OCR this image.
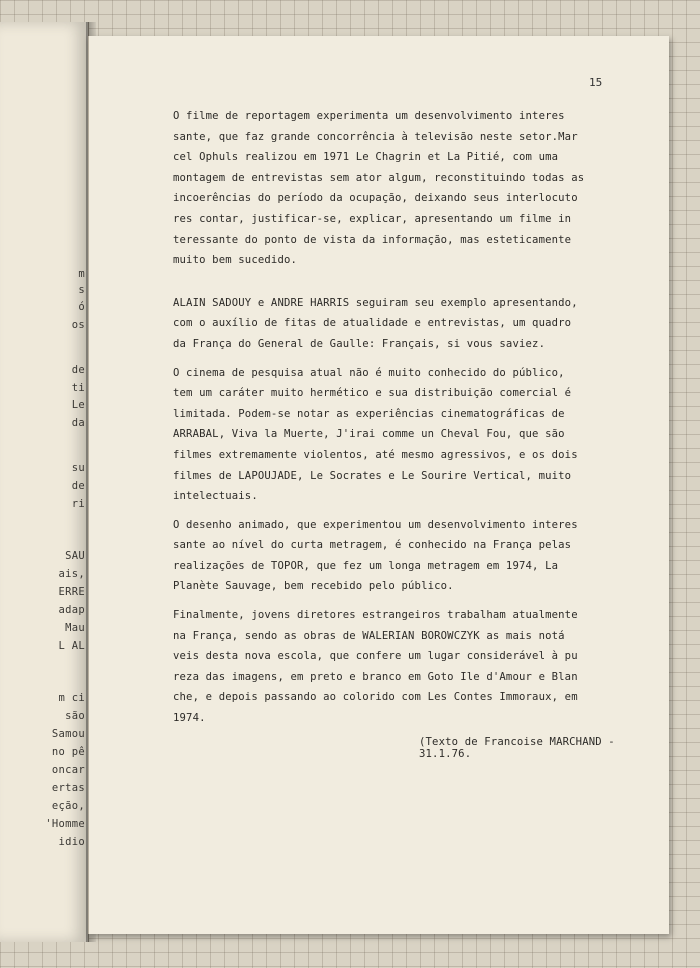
m
s
ó
os
de
ti
Le
da
su
de
ri
SAU
ais,
ERRE
adap
Mau
L AL
m ci
são
Samou
no pê
oncar
ertas
eção,
'Homme
idio
15
O filme de reportagem experimenta um desenvolvimento interes
sante, que faz grande concorrência à televisão neste setor.Mar
cel Ophuls realizou em 1971 Le Chagrin et La Pitié, com uma
montagem de entrevistas sem ator algum, reconstituindo todas as
incoerências do período da ocupação, deixando seus interlocuto
res contar, justificar-se, explicar, apresentando um filme in
teressante do ponto de vista da informação, mas esteticamente
muito bem sucedido.
ALAIN SADOUY e ANDRE HARRIS seguiram seu exemplo apresentando,
com o auxílio de fitas de atualidade e entrevistas, um quadro
da França do General de Gaulle: Français, si vous saviez.
O cinema de pesquisa atual não é muito conhecido do público,
tem um caráter muito hermético e sua distribuição comercial é
limitada. Podem-se notar as experiências cinematográficas de
ARRABAL, Viva la Muerte, J'irai comme un Cheval Fou, que são
filmes extremamente violentos, até mesmo agressivos, e os dois
filmes de LAPOUJADE, Le Socrates e Le Sourire Vertical, muito
intelectuais.
O desenho animado, que experimentou um desenvolvimento interes
sante ao nível do curta metragem, é conhecido na França pelas
realizações de TOPOR, que fez um longa metragem em 1974, La
Planète Sauvage, bem recebido pelo público.
Finalmente, jovens diretores estrangeiros trabalham atualmente
na França, sendo as obras de WALERIAN BOROWCZYK as mais notá
veis desta nova escola, que confere um lugar considerável à pu
reza das imagens, em preto e branco em Goto Ile d'Amour e Blan
che, e depois passando ao colorido com Les Contes Immoraux, em
1974.
(Texto de Francoise MARCHAND - 31.1.76.
